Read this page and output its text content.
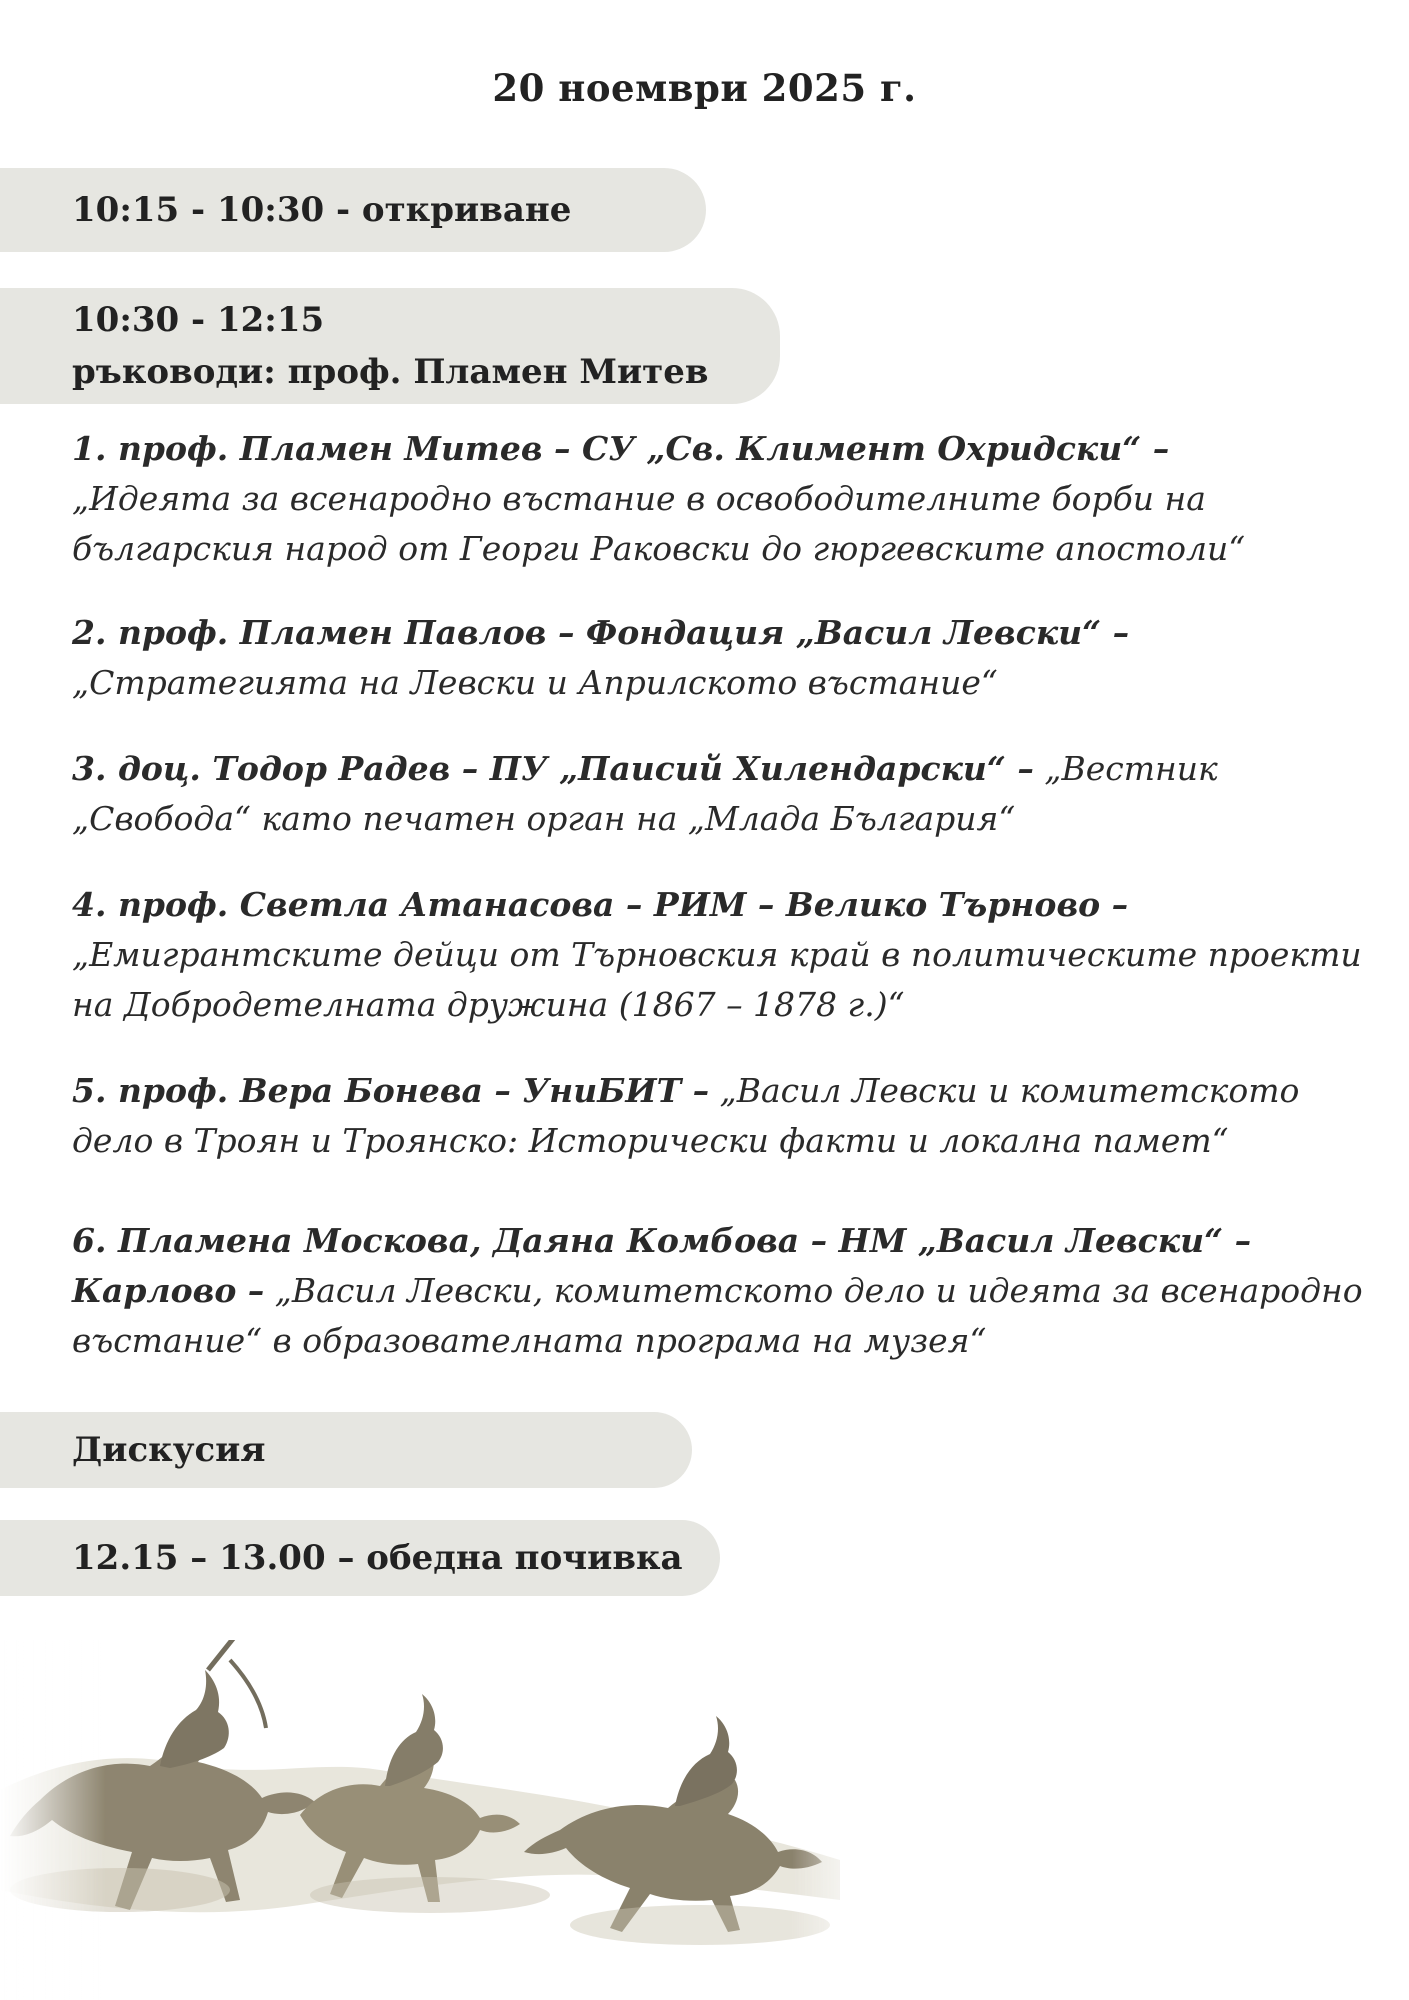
20 ноември 2025 г.
10:15 - 10:30 - откриване
10:30 - 12:15
ръководи: проф. Пламен Митев
1. проф. Пламен Митев – СУ „Св. Климент Охридски“ –
„Идеята за всенародно въстание в освободителните борби на
българския народ от Георги Раковски до гюргевските апостоли“
2. проф. Пламен Павлов – Фондация „Васил Левски“ –
„Стратегията на Левски и Априлското въстание“
3. доц. Тодор Радев – ПУ „Паисий Хилендарски“ – „Вестник
„Свобода“ като печатен орган на „Млада България“
4. проф. Светла Атанасова – РИМ – Велико Търново –
„Емигрантските дейци от Търновския край в политическите проекти
на Добродетелната дружина (1867 – 1878 г.)“
5. проф. Вера Бонева – УниБИТ – „Васил Левски и комитетското
дело в Троян и Троянско: Исторически факти и локална памет“
6. Пламена Москова, Даяна Комбова – НМ „Васил Левски“ –
Карлово – „Васил Левски, комитетското дело и идеята за всенародно
въстание“ в образователната програма на музея“
Дискусия
12.15 – 13.00 – обедна почивка
